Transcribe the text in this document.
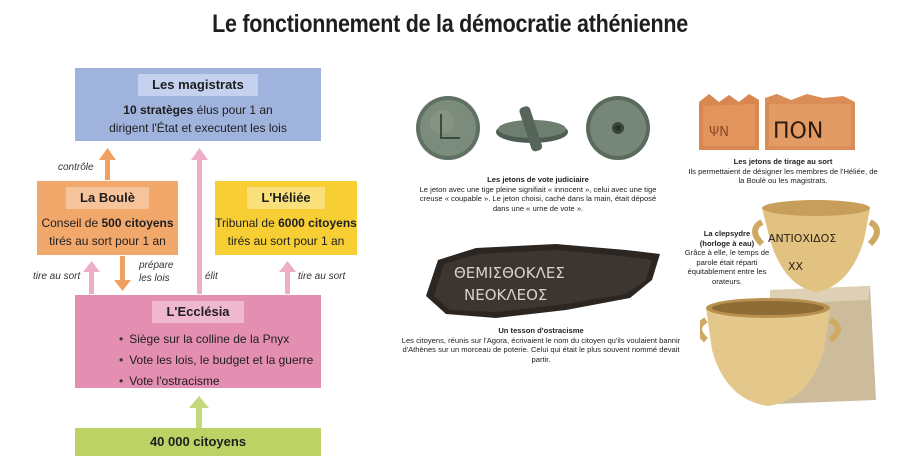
Le fonctionnement de la démocratie athénienne
Les magistrats
10 stratèges élus pour 1 an
dirigent l'État et executent les lois
La Boulè
Conseil de 500 citoyens
tirés au sort pour 1 an
L'Héliée
Tribunal de 6000 citoyens
tirés au sort pour 1 an
L'Ecclésia
• Siège sur la colline de la Pnyx
• Vote les lois, le budget et la guerre
• Vote l'ostracisme
40 000 citoyens
contrôle
tire au sort
prépare
les lois	élit	tire au sort
Les jetons de vote judiciaire
Le jeton avec une tige pleine signifiait « innocent », celui avec une tige creuse « coupable ». Le jeton choisi, caché dans la main, était déposé dans une « urne de vote ».
ΨΝ ΠΟΝ
Les jetons de tirage au sort
Ils permettaient de désigner les membres de l'Héliée, de la Boulè ou les magistrats.
ΘΕΜΙΣΘΟΚΛΕΣ
ΝΕΟΚΛΕΟΣ
Un tesson d'ostracisme
Les citoyens, réunis sur l'Agora, écrivaient le nom du citoyen qu'ils voulaient bannir d'Athènes sur un morceau de poterie. Celui qui était le plus souvent nommé devait partir.
ΑΝΤΙΟΧΙΔΟΣ
XX
La clepsydre
(horloge à eau)
Grâce à elle, le temps de parole était réparti équitablement entre les orateurs.
